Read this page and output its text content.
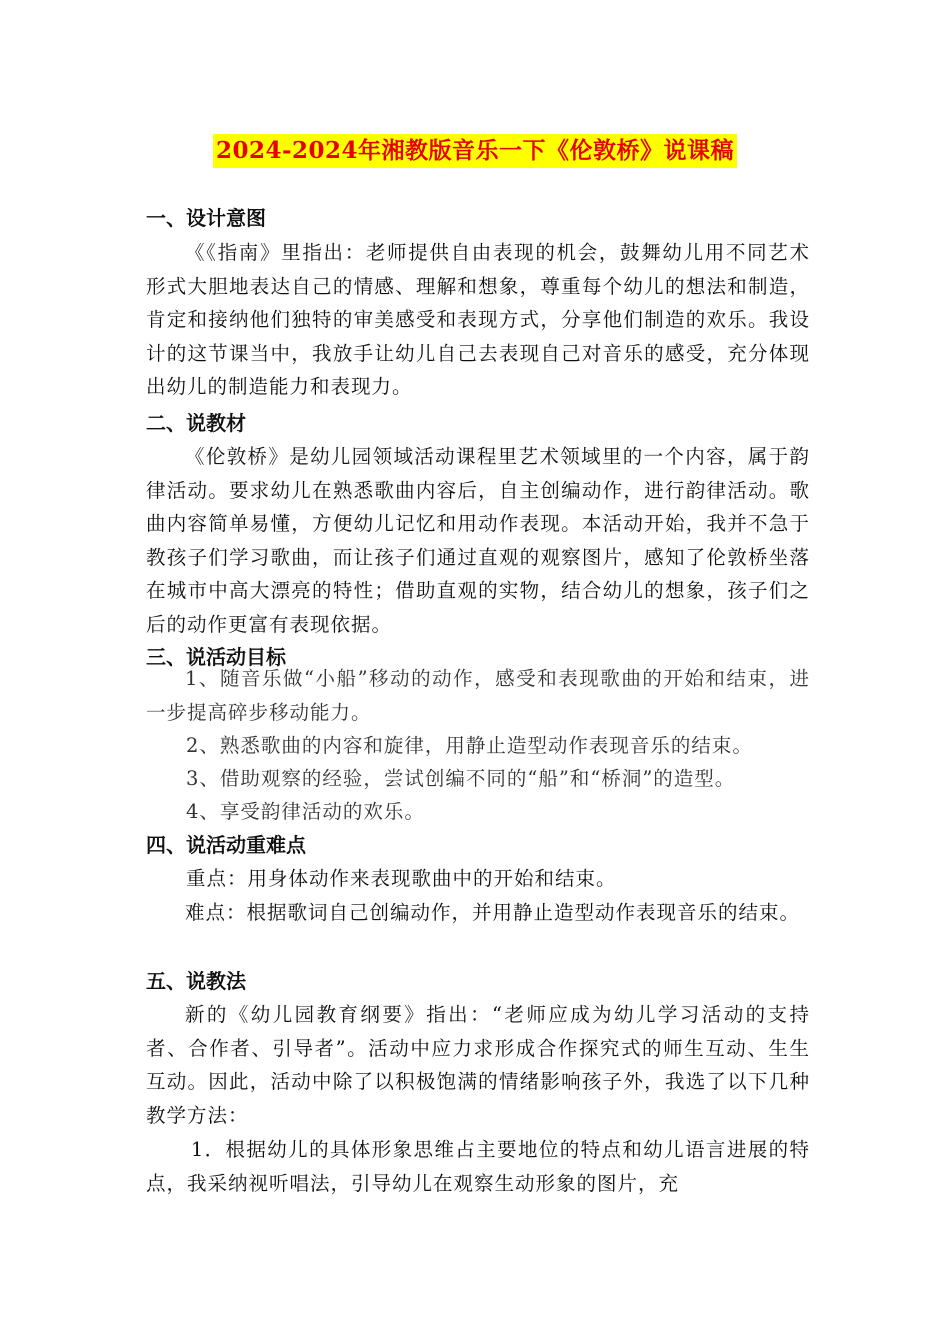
2024-2024年湘教版音乐一下《伦敦桥》说课稿
一、设计意图
《《指南》里指出：老师提供自由表现的机会，鼓舞幼儿用不同艺术形式大胆地表达自己的情感、理解和想象，尊重每个幼儿的想法和制造，肯定和接纳他们独特的审美感受和表现方式，分享他们制造的欢乐。我设计的这节课当中，我放手让幼儿自己去表现自己对音乐的感受，充分体现出幼儿的制造能力和表现力。
二、说教材
《伦敦桥》是幼儿园领域活动课程里艺术领域里的一个内容，属于韵律活动。要求幼儿在熟悉歌曲内容后，自主创编动作，进行韵律活动。歌曲内容简单易懂，方便幼儿记忆和用动作表现。本活动开始，我并不急于教孩子们学习歌曲，而让孩子们通过直观的观察图片，感知了伦敦桥坐落在城市中高大漂亮的特性；借助直观的实物，结合幼儿的想象，孩子们之后的动作更富有表现依据。
三、说活动目标
1、随音乐做“小船”移动的动作，感受和表现歌曲的开始和结束，进一步提高碎步移动能力。
2、熟悉歌曲的内容和旋律，用静止造型动作表现音乐的结束。
3、借助观察的经验，尝试创编不同的“船”和“桥洞”的造型。
4、享受韵律活动的欢乐。
四、说活动重难点
重点：用身体动作来表现歌曲中的开始和结束。
难点：根据歌词自己创编动作，并用静止造型动作表现音乐的结束。
五、说教法
新的《幼儿园教育纲要》指出：“老师应成为幼儿学习活动的支持者、合作者、引导者”。活动中应力求形成合作探究式的师生互动、生生互动。因此，活动中除了以积极饱满的情绪影响孩子外，我选了以下几种教学方法：
1．根据幼儿的具体形象思维占主要地位的特点和幼儿语言进展的特点，我采纳视听唱法，引导幼儿在观察生动形象的图片，充
